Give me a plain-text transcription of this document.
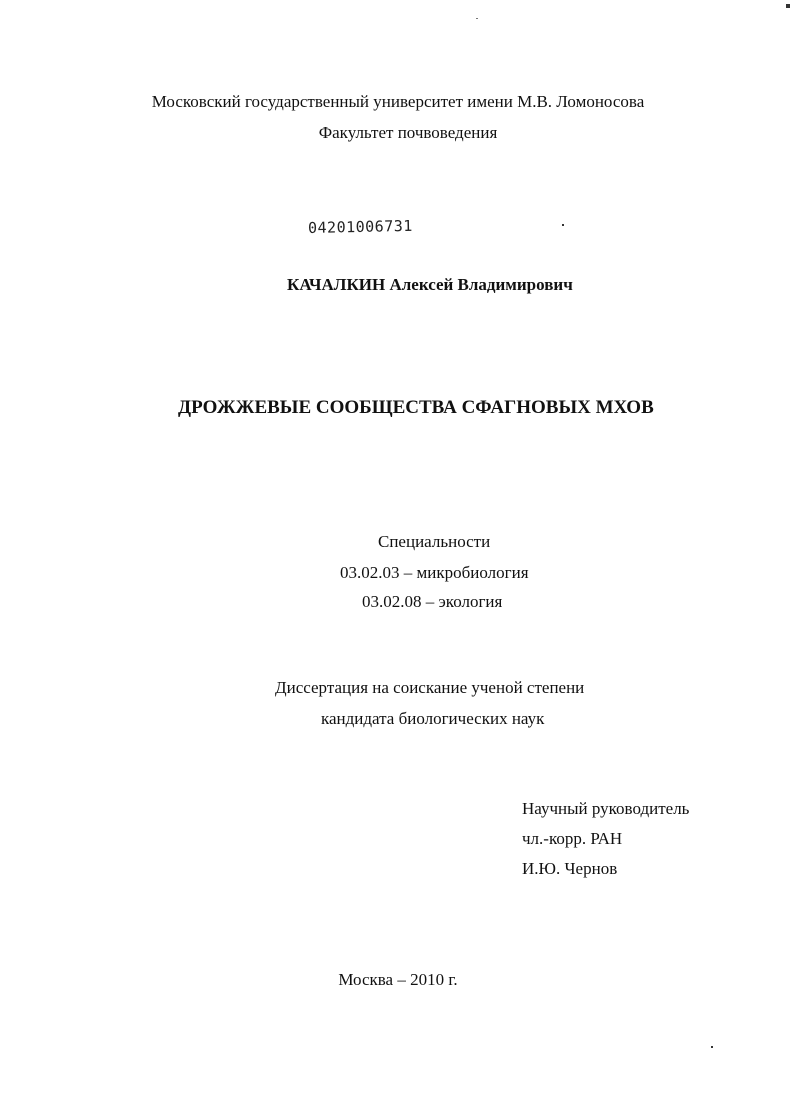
Московский государственный университет имени М.В. Ломоносова
Факультет почвоведения
04201006731
КАЧАЛКИН Алексей Владимирович
ДРОЖЖЕВЫЕ СООБЩЕСТВА СФАГНОВЫХ МХОВ
Специальности
03.02.03 – микробиология
03.02.08 – экология
Диссертация на соискание ученой степени
кандидата биологических наук
Научный руководитель
чл.-корр. РАН
И.Ю. Чернов
Москва – 2010 г.
